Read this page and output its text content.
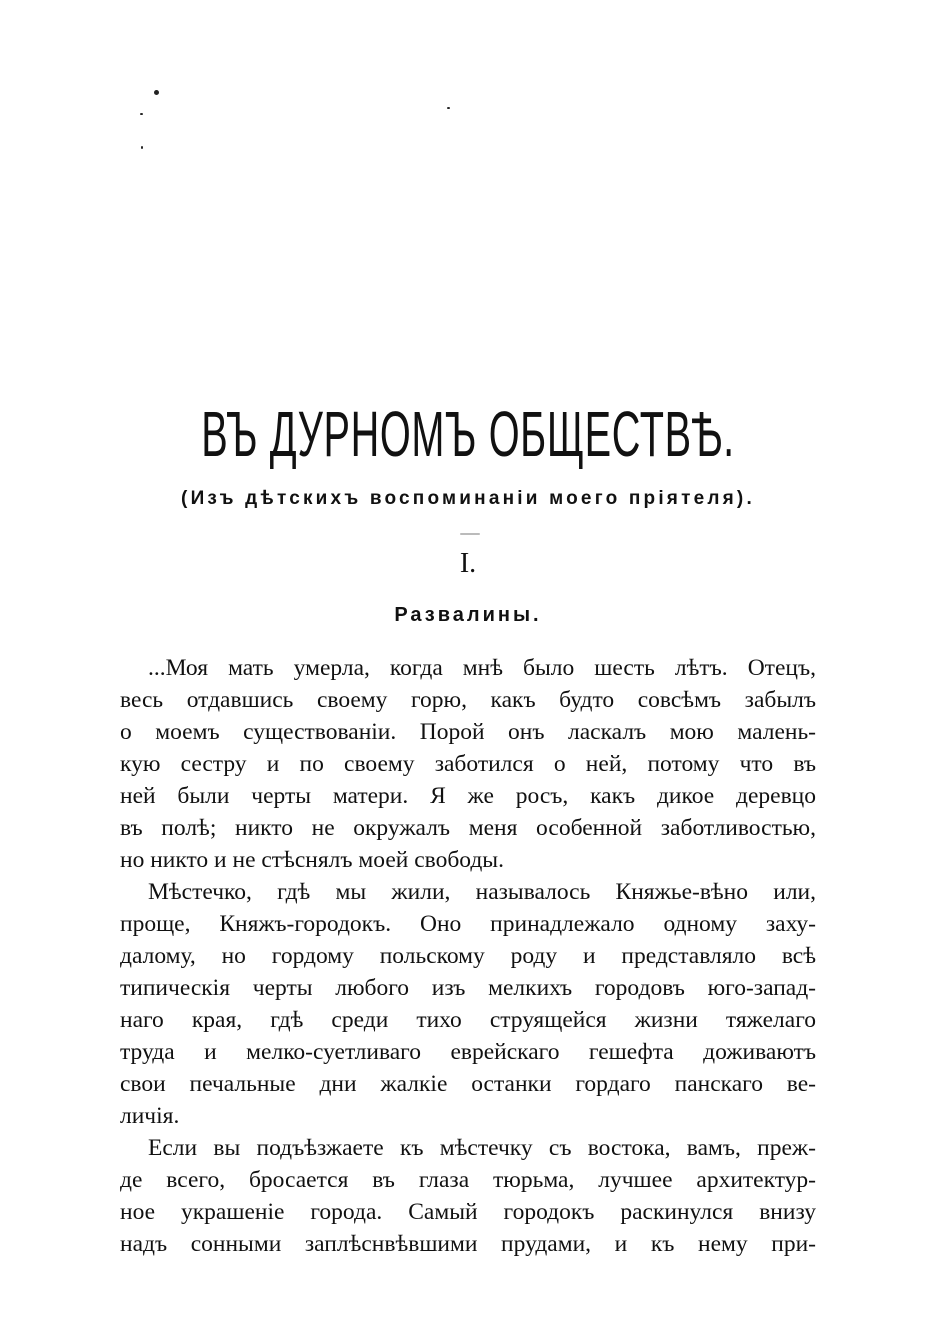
ВЪ ДУРНОМЪ ОБЩЕСТВѢ.
(Изъ дѣтскихъ воспоминаніи моего пріятеля).
I.
Развалины.
...Моя мать умерла, когда мнѣ было шесть лѣтъ. Отецъ,
весь отдавшись своему горю, какъ будто совсѣмъ забылъ
о моемъ существованіи. Порой онъ ласкалъ мою малень-
кую сестру и по своему заботился о ней, потому что въ
ней были черты матери. Я же росъ, какъ дикое деревцо
въ полѣ; никто не окружалъ меня особенной заботливостью,
но никто и не стѣснялъ моей свободы.
Мѣстечко, гдѣ мы жили, называлось Княжье-вѣно или,
проще, Княжъ-городокъ. Оно принадлежало одному заху-
далому, но гордому польскому роду и представляло всѣ
типическія черты любого изъ мелкихъ городовъ юго-запад-
наго края, гдѣ среди тихо струящейся жизни тяжелаго
труда и мелко-суетливаго еврейскаго гешефта доживаютъ
свои печальные дни жалкіе останки гордаго панскаго ве-
личія.
Если вы подъѣзжаете къ мѣстечку съ востока, вамъ, преж-
де всего, бросается въ глаза тюрьма, лучшее архитектур-
ное украшеніе города. Самый городокъ раскинулся внизу
надъ сонными заплѣснвѣвшими прудами, и къ нему при-
